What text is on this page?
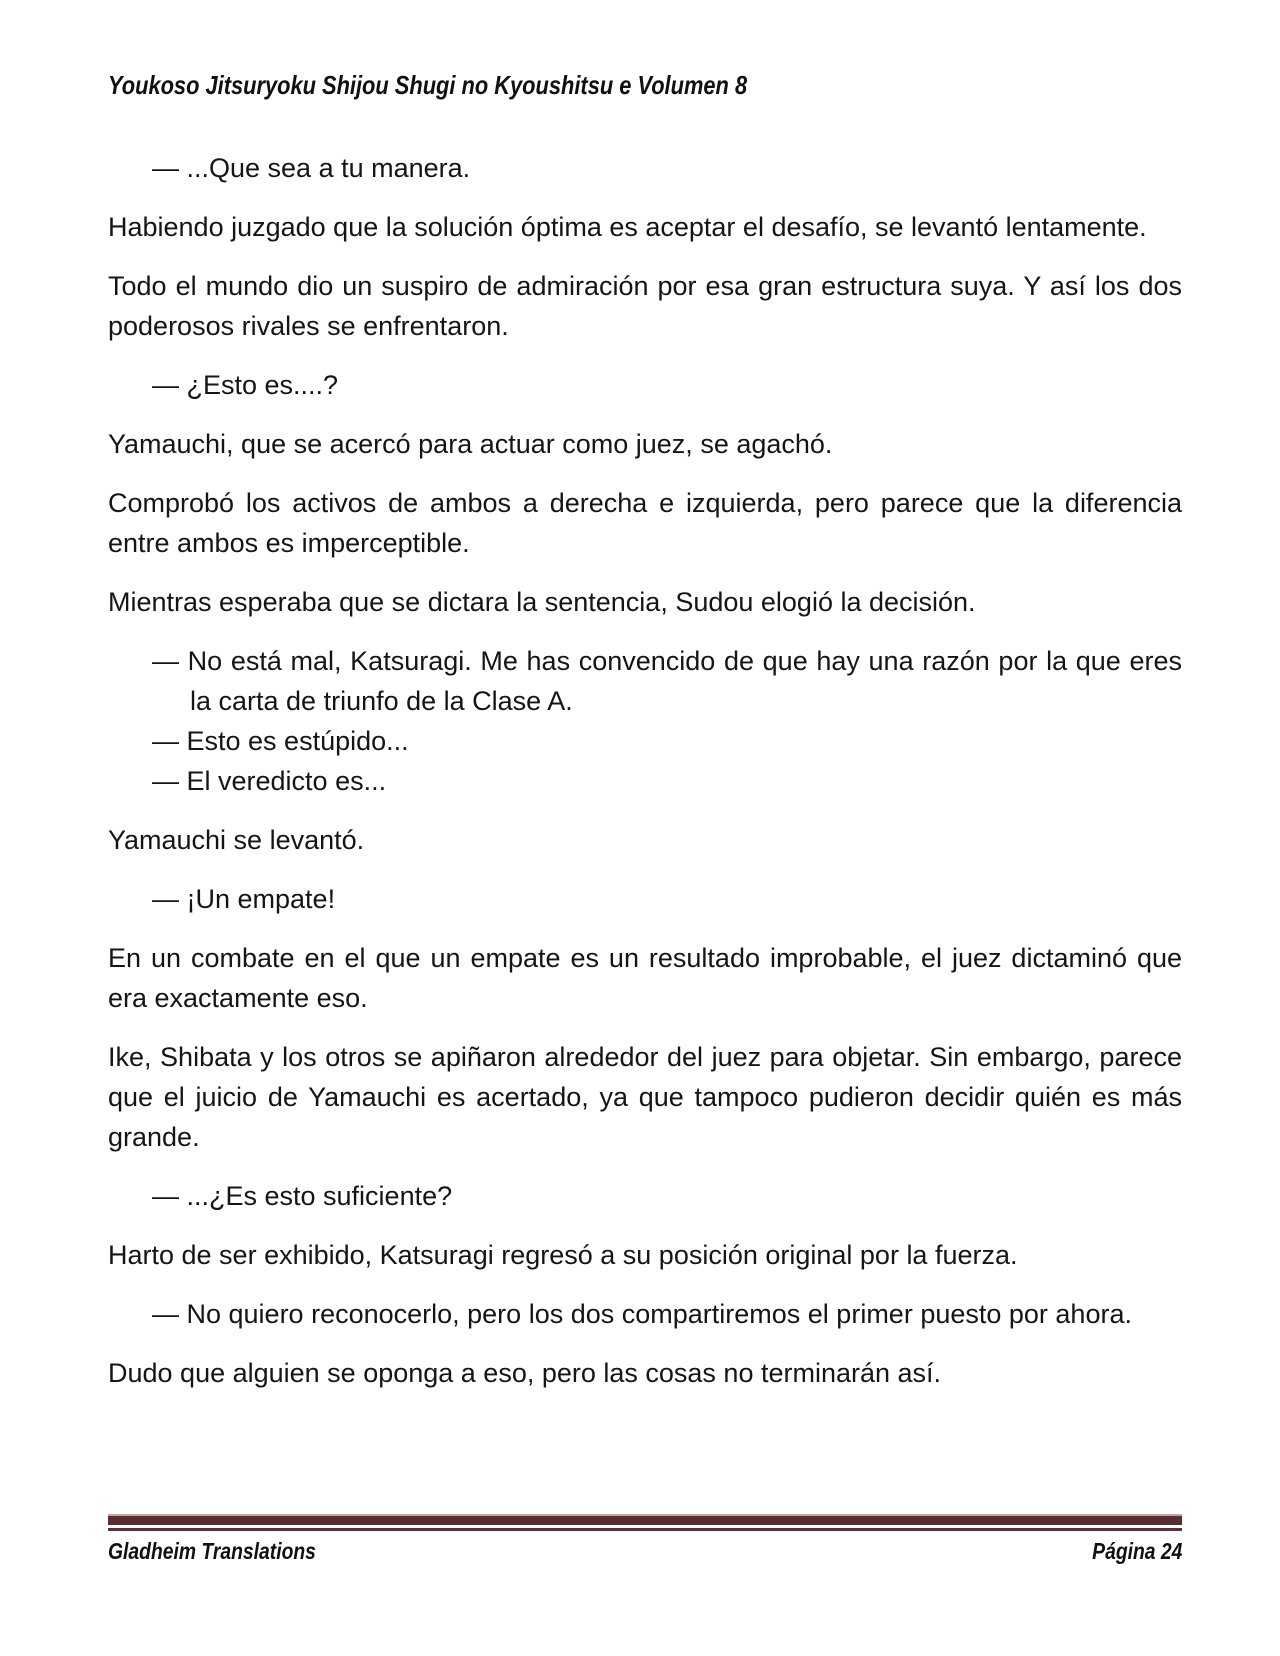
Youkoso Jitsuryoku Shijou Shugi no Kyoushitsu e Volumen 8

— ...Que sea a tu manera.

Habiendo juzgado que la solución óptima es aceptar el desafío, se levantó lentamente.

Todo el mundo dio un suspiro de admiración por esa gran estructura suya. Y así los dos poderosos rivales se enfrentaron.

— ¿Esto es....?

Yamauchi, que se acercó para actuar como juez, se agachó.

Comprobó los activos de ambos a derecha e izquierda, pero parece que la diferencia entre ambos es imperceptible.

Mientras esperaba que se dictara la sentencia, Sudou elogió la decisión.

— No está mal, Katsuragi. Me has convencido de que hay una razón por la que eres la carta de triunfo de la Clase A.

— Esto es estúpido...

— El veredicto es...

Yamauchi se levantó.

— ¡Un empate!

En un combate en el que un empate es un resultado improbable, el juez dictaminó que era exactamente eso.

Ike, Shibata y los otros se apiñaron alrededor del juez para objetar. Sin embargo, parece que el juicio de Yamauchi es acertado, ya que tampoco pudieron decidir quién es más grande.

— ...¿Es esto suficiente?

Harto de ser exhibido, Katsuragi regresó a su posición original por la fuerza.

— No quiero reconocerlo, pero los dos compartiremos el primer puesto por ahora.

Dudo que alguien se oponga a eso, pero las cosas no terminarán así.

Gladheim Translations	Página 24
